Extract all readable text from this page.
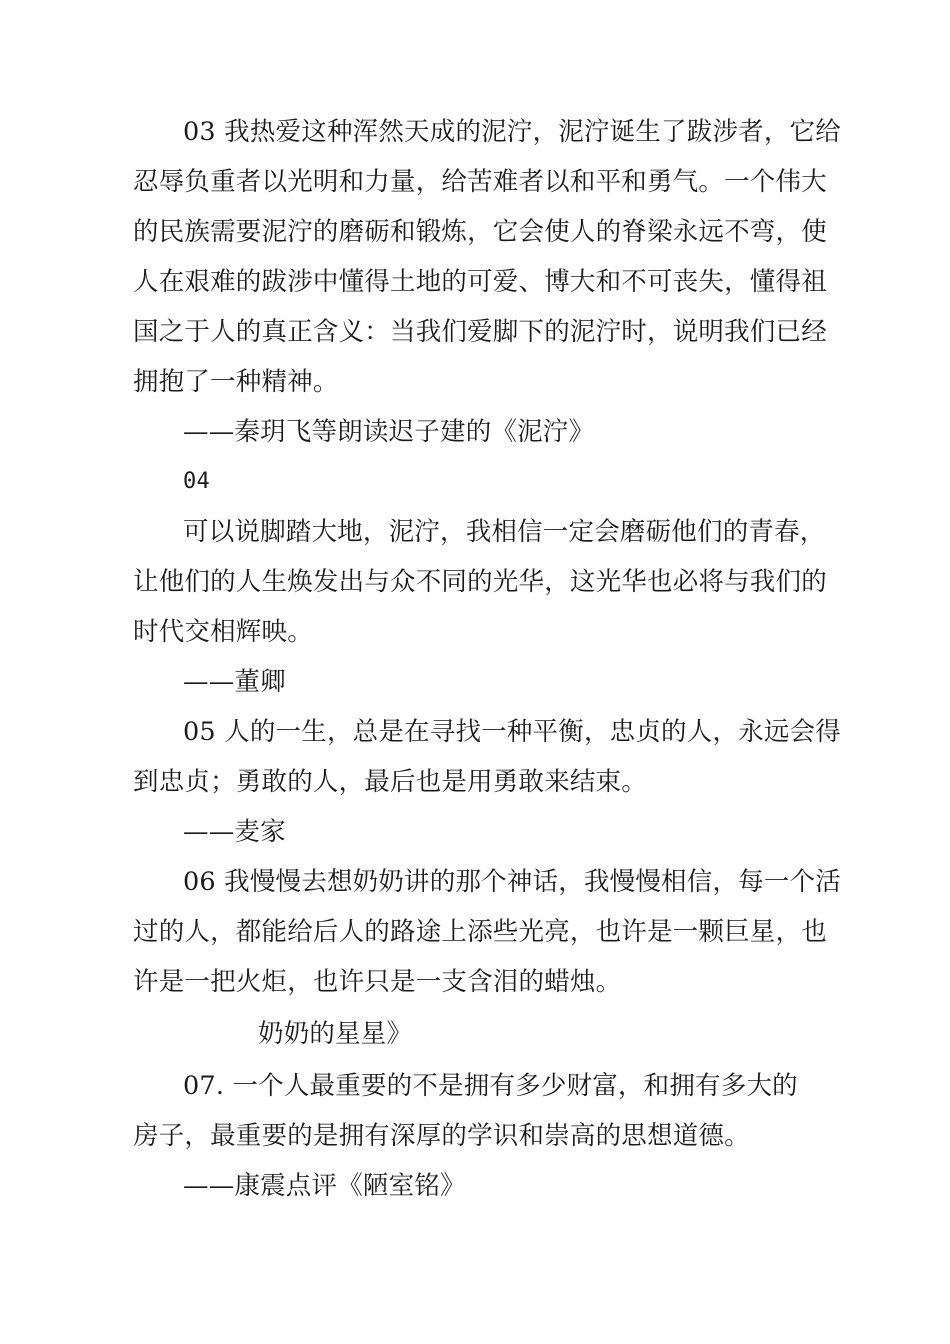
03 我热爱这种浑然天成的泥泞，泥泞诞生了跋涉者，它给
忍辱负重者以光明和力量，给苦难者以和平和勇气。一个伟大
的民族需要泥泞的磨砺和锻炼，它会使人的脊梁永远不弯，使
人在艰难的跋涉中懂得土地的可爱、博大和不可丧失，懂得祖
国之于人的真正含义：当我们爱脚下的泥泞时，说明我们已经
拥抱了一种精神。
——秦玥飞等朗读迟子建的《泥泞》
04
可以说脚踏大地，泥泞，我相信一定会磨砺他们的青春，
让他们的人生焕发出与众不同的光华，这光华也必将与我们的
时代交相辉映。
——董卿
05 人的一生，总是在寻找一种平衡，忠贞的人，永远会得
到忠贞；勇敢的人，最后也是用勇敢来结束。
——麦家
06 我慢慢去想奶奶讲的那个神话，我慢慢相信，每一个活
过的人，都能给后人的路途上添些光亮，也许是一颗巨星，也
许是一把火炬，也许只是一支含泪的蜡烛。
奶奶的星星》
07. 一个人最重要的不是拥有多少财富，和拥有多大的
房子，最重要的是拥有深厚的学识和崇高的思想道德。
——康震点评《陋室铭》
